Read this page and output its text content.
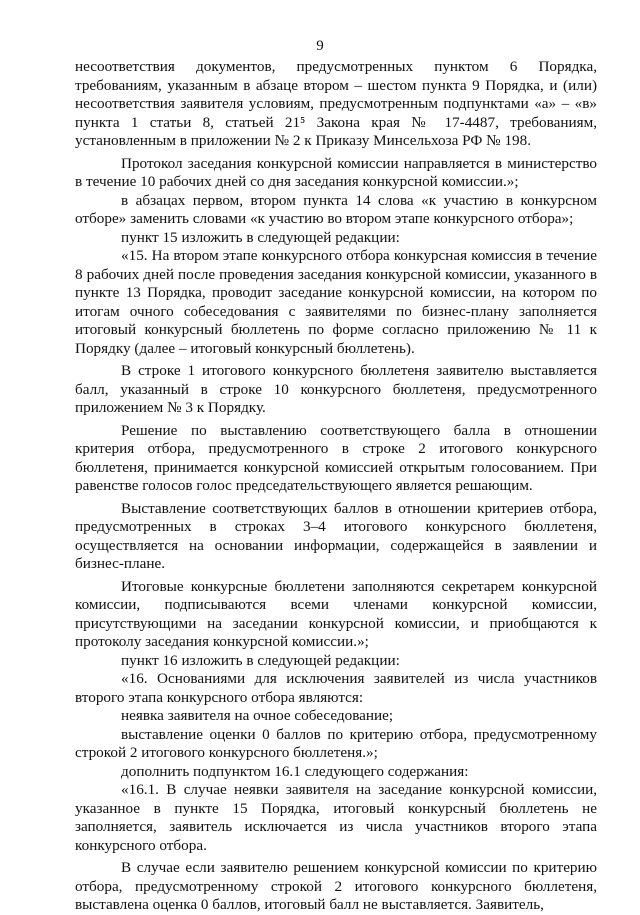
9

несоответствия документов, предусмотренных пунктом 6 Порядка, требованиям, указанным в абзаце втором – шестом пункта 9 Порядка, и (или) несоответствия заявителя условиям, предусмотренным подпунктами «а» – «в» пункта 1 статьи 8, статьей 21⁵ Закона края № 17-4487, требованиям, установленным в приложении № 2 к Приказу Минсельхоза РФ № 198.

Протокол заседания конкурсной комиссии направляется в министерство в течение 10 рабочих дней со дня заседания конкурсной комиссии.»;

в абзацах первом, втором пункта 14 слова «к участию в конкурсном отборе» заменить словами «к участию во втором этапе конкурсного отбора»;

пункт 15 изложить в следующей редакции:

«15. На втором этапе конкурсного отбора конкурсная комиссия в течение 8 рабочих дней после проведения заседания конкурсной комиссии, указанного в пункте 13 Порядка, проводит заседание конкурсной комиссии, на котором по итогам очного собеседования с заявителями по бизнес-плану заполняется итоговый конкурсный бюллетень по форме согласно приложению № 11 к Порядку (далее – итоговый конкурсный бюллетень).

В строке 1 итогового конкурсного бюллетеня заявителю выставляется балл, указанный в строке 10 конкурсного бюллетеня, предусмотренного приложением № 3 к Порядку.

Решение по выставлению соответствующего балла в отношении критерия отбора, предусмотренного в строке 2 итогового конкурсного бюллетеня, принимается конкурсной комиссией открытым голосованием. При равенстве голосов голос председательствующего является решающим.

Выставление соответствующих баллов в отношении критериев отбора, предусмотренных в строках 3–4 итогового конкурсного бюллетеня, осуществляется на основании информации, содержащейся в заявлении и бизнес-плане.

Итоговые конкурсные бюллетени заполняются секретарем конкурсной комиссии, подписываются всеми членами конкурсной комиссии, присутствующими на заседании конкурсной комиссии, и приобщаются к протоколу заседания конкурсной комиссии.»;

пункт 16 изложить в следующей редакции:

«16. Основаниями для исключения заявителей из числа участников второго этапа конкурсного отбора являются:

неявка заявителя на очное собеседование;

выставление оценки 0 баллов по критерию отбора, предусмотренному строкой 2 итогового конкурсного бюллетеня.»;

дополнить подпунктом 16.1 следующего содержания:

«16.1. В случае неявки заявителя на заседание конкурсной комиссии, указанное в пункте 15 Порядка, итоговый конкурсный бюллетень не заполняется, заявитель исключается из числа участников второго этапа конкурсного отбора.

В случае если заявителю решением конкурсной комиссии по критерию отбора, предусмотренному строкой 2 итогового конкурсного бюллетеня, выставлена оценка 0 баллов, итоговый балл не выставляется. Заявитель,
